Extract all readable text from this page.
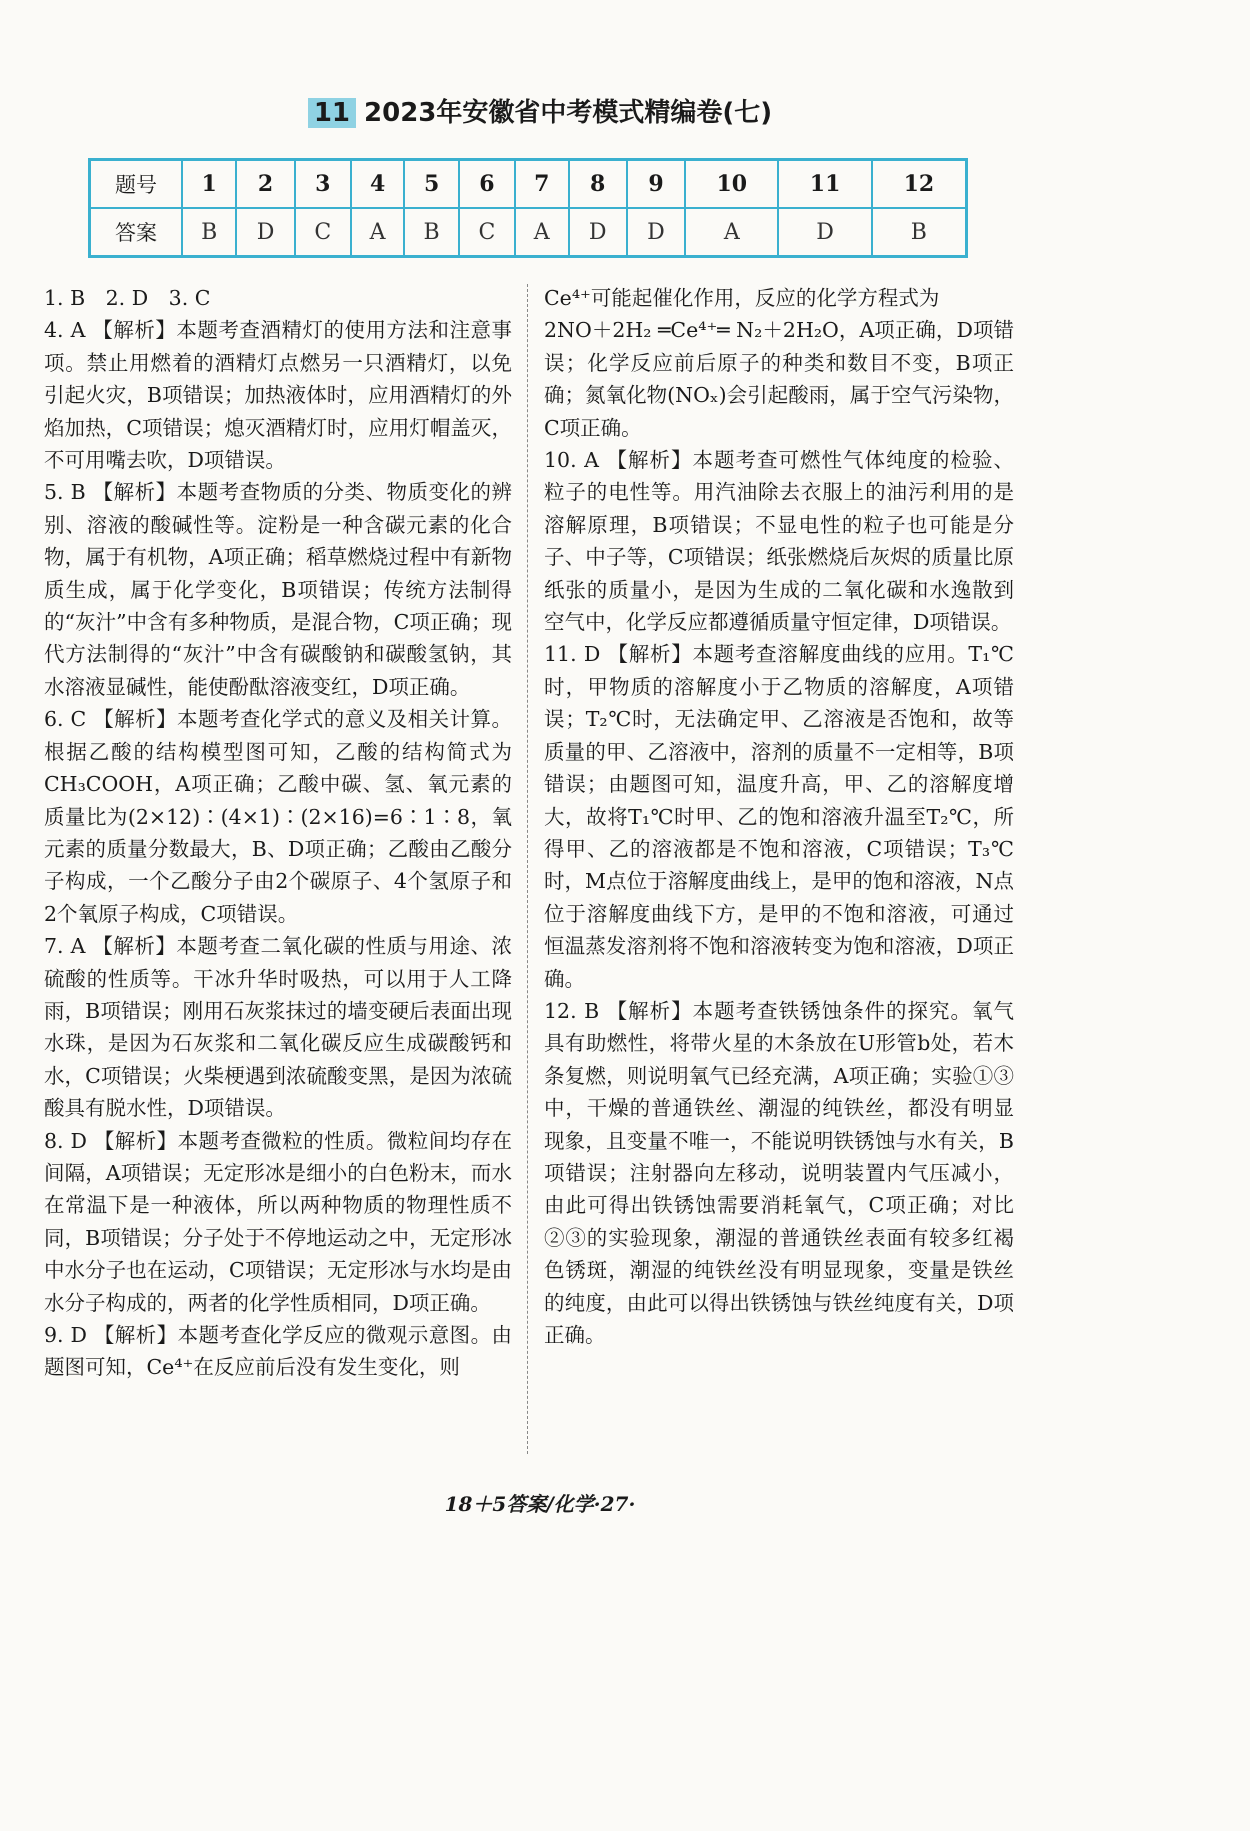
11 2023年安徽省中考模式精编卷(七)
题号	1	2	3	4	5	6	7	8	9	10	11	12
答案	B	D	C	A	B	C	A	D	D	A	D	B

1. B　2. D　3. C

4. A 【解析】本题考查酒精灯的使用方法和注意事项。禁止用燃着的酒精灯点燃另一只酒精灯，以免引起火灾，B项错误；加热液体时，应用酒精灯的外焰加热，C项错误；熄灭酒精灯时，应用灯帽盖灭，不可用嘴去吹，D项错误。

5. B 【解析】本题考查物质的分类、物质变化的辨别、溶液的酸碱性等。淀粉是一种含碳元素的化合物，属于有机物，A项正确；稻草燃烧过程中有新物质生成，属于化学变化，B项错误；传统方法制得的“灰汁”中含有多种物质，是混合物，C项正确；现代方法制得的“灰汁”中含有碳酸钠和碳酸氢钠，其水溶液显碱性，能使酚酞溶液变红，D项正确。

6. C 【解析】本题考查化学式的意义及相关计算。根据乙酸的结构模型图可知，乙酸的结构简式为CH₃COOH，A项正确；乙酸中碳、氢、氧元素的质量比为(2×12)∶(4×1)∶(2×16)=6∶1∶8，氧元素的质量分数最大，B、D项正确；乙酸由乙酸分子构成，一个乙酸分子由2个碳原子、4个氢原子和2个氧原子构成，C项错误。

7. A 【解析】本题考查二氧化碳的性质与用途、浓硫酸的性质等。干冰升华时吸热，可以用于人工降雨，B项错误；刚用石灰浆抹过的墙变硬后表面出现水珠，是因为石灰浆和二氧化碳反应生成碳酸钙和水，C项错误；火柴梗遇到浓硫酸变黑，是因为浓硫酸具有脱水性，D项错误。

8. D 【解析】本题考查微粒的性质。微粒间均存在间隔，A项错误；无定形冰是细小的白色粉末，而水在常温下是一种液体，所以两种物质的物理性质不同，B项错误；分子处于不停地运动之中，无定形冰中水分子也在运动，C项错误；无定形冰与水均是由水分子构成的，两者的化学性质相同，D项正确。

9. D 【解析】本题考查化学反应的微观示意图。由题图可知，Ce⁴⁺在反应前后没有发生变化，则

Ce⁴⁺可能起催化作用，反应的化学方程式为
2NO＋2H₂ ═Ce⁴⁺═ N₂＋2H₂O，A项正确，D项错误；化学反应前后原子的种类和数目不变，B项正确；氮氧化物(NOₓ)会引起酸雨，属于空气污染物，C项正确。

10. A 【解析】本题考查可燃性气体纯度的检验、粒子的电性等。用汽油除去衣服上的油污利用的是溶解原理，B项错误；不显电性的粒子也可能是分子、中子等，C项错误；纸张燃烧后灰烬的质量比原纸张的质量小，是因为生成的二氧化碳和水逸散到空气中，化学反应都遵循质量守恒定律，D项错误。

11. D 【解析】本题考查溶解度曲线的应用。T₁℃时，甲物质的溶解度小于乙物质的溶解度，A项错误；T₂℃时，无法确定甲、乙溶液是否饱和，故等质量的甲、乙溶液中，溶剂的质量不一定相等，B项错误；由题图可知，温度升高，甲、乙的溶解度增大，故将T₁℃时甲、乙的饱和溶液升温至T₂℃，所得甲、乙的溶液都是不饱和溶液，C项错误；T₃℃时，M点位于溶解度曲线上，是甲的饱和溶液，N点位于溶解度曲线下方，是甲的不饱和溶液，可通过恒温蒸发溶剂将不饱和溶液转变为饱和溶液，D项正确。

12. B 【解析】本题考查铁锈蚀条件的探究。氧气具有助燃性，将带火星的木条放在U形管b处，若木条复燃，则说明氧气已经充满，A项正确；实验①③中，干燥的普通铁丝、潮湿的纯铁丝，都没有明显现象，且变量不唯一，不能说明铁锈蚀与水有关，B项错误；注射器向左移动，说明装置内气压减小，由此可得出铁锈蚀需要消耗氧气，C项正确；对比②③的实验现象，潮湿的普通铁丝表面有较多红褐色锈斑，潮湿的纯铁丝没有明显现象，变量是铁丝的纯度，由此可以得出铁锈蚀与铁丝纯度有关，D项正确。

18＋5答案/化学·27·
